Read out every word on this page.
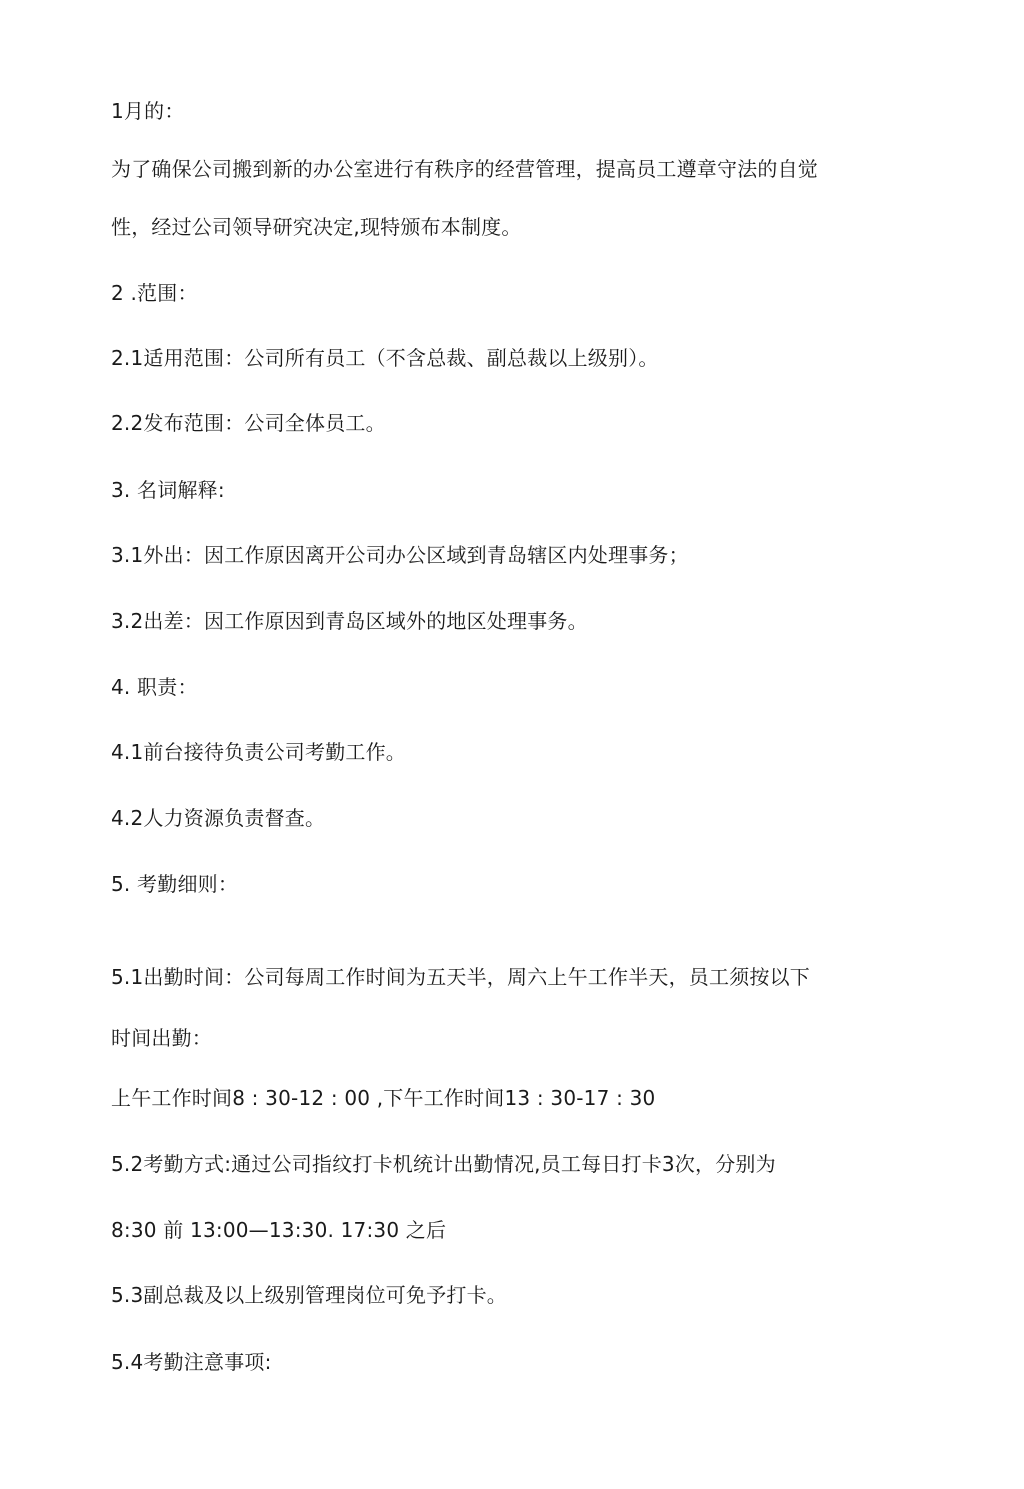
1月的：
为了确保公司搬到新的办公室进行有秩序的经营管理，提高员工遵章守法的自觉
性，经过公司领导研究决定,现特颁布本制度。
2 .范围：
2.1适用范围：公司所有员工（不含总裁、副总裁以上级别）。
2.2发布范围：公司全体员工。
3. 名词解释:
3.1外出：因工作原因离开公司办公区域到青岛辖区内处理事务；
3.2出差：因工作原因到青岛区域外的地区处理事务。
4. 职责：
4.1前台接待负责公司考勤工作。
4.2人力资源负责督查。
5. 考勤细则：
5.1出勤时间：公司每周工作时间为五天半，周六上午工作半天，员工须按以下
时间出勤：
上午工作时间8 : 30-12 : 00 ,下午工作时间13 : 30-17 : 30
5.2考勤方式:通过公司指纹打卡机统计出勤情况,员工每日打卡3次，分别为
8:30 前 13:00—13:30. 17:30 之后
5.3副总裁及以上级别管理岗位可免予打卡。
5.4考勤注意事项:
